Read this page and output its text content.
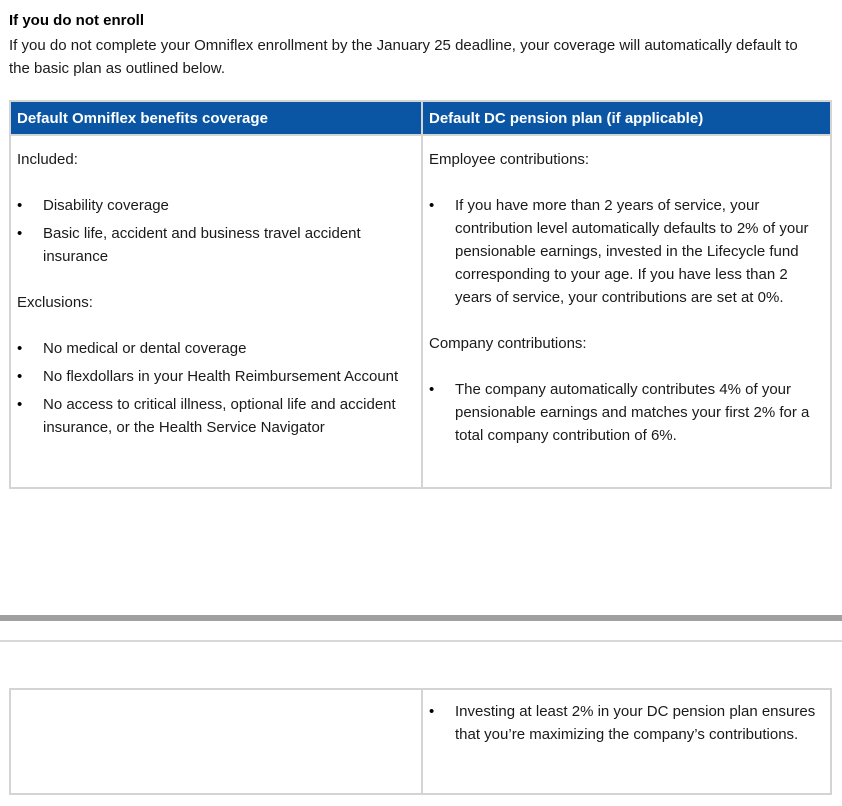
If you do not enroll
If you do not complete your Omniflex enrollment by the January 25 deadline, your coverage will automatically default to the basic plan as outlined below.
Default Omniflex benefits coverage

Included:

• Disability coverage
• Basic life, accident and business travel accident insurance

Exclusions:

• No medical or dental coverage
• No flexdollars in your Health Reimbursement Account
• No access to critical illness, optional life and accident insurance, or the Health Service Navigator
Default DC pension plan (if applicable)

Employee contributions:

• If you have more than 2 years of service, your contribution level automatically defaults to 2% of your pensionable earnings, invested in the Lifecycle fund corresponding to your age. If you have less than 2 years of service, your contributions are set at 0%.

Company contributions:

• The company automatically contributes 4% of your pensionable earnings and matches your first 2% for a total company contribution of 6%.
• Investing at least 2% in your DC pension plan ensures that you’re maximizing the company’s contributions.
